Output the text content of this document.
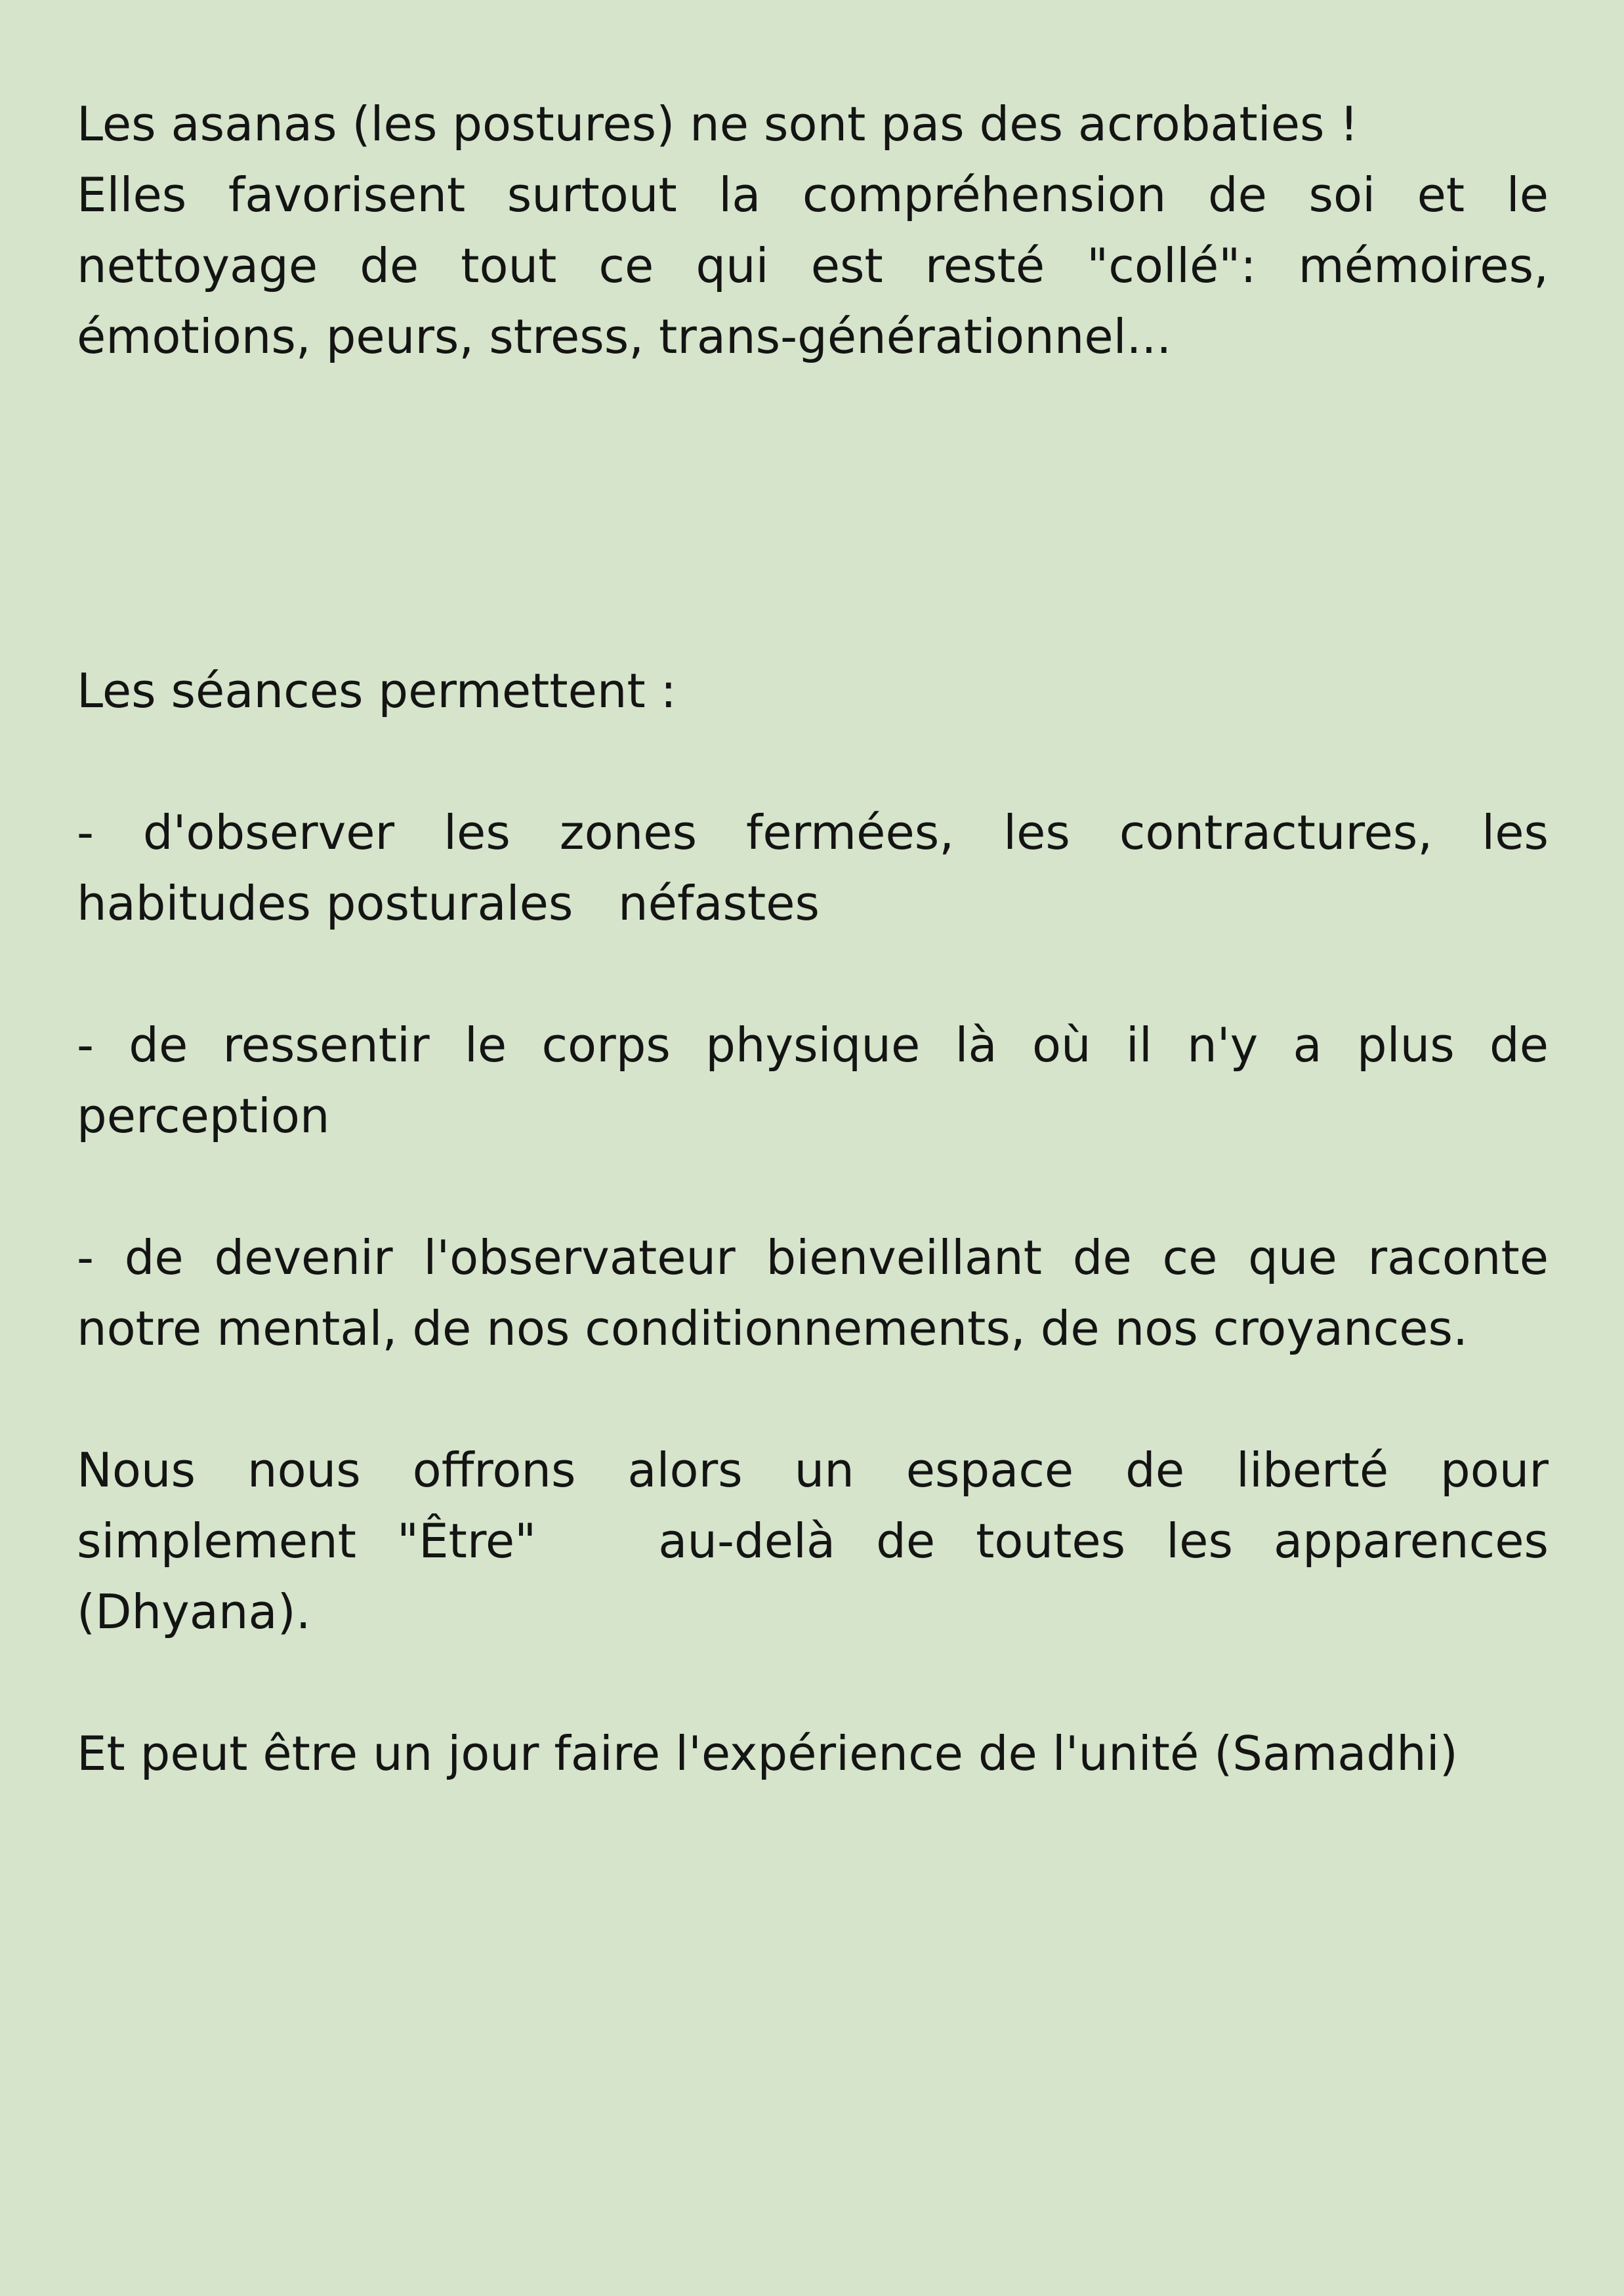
Les asanas (les postures) ne sont pas des acrobaties !

Elles favorisent surtout la compréhension de soi et le nettoyage de tout ce qui est resté "collé": mémoires, émotions, peurs, stress, trans-générationnel...

Les séances permettent :

- d'observer les zones fermées, les contractures, les habitudes posturales   néfastes

- de ressentir le corps physique là où il n'y a plus de perception

- de devenir l'observateur bienveillant de ce que raconte notre mental, de nos conditionnements, de nos croyances.

Nous nous offrons alors un espace de liberté pour simplement "Être"   au-delà de toutes les apparences (Dhyana).

Et peut être un jour faire l'expérience de l'unité (Samadhi)
